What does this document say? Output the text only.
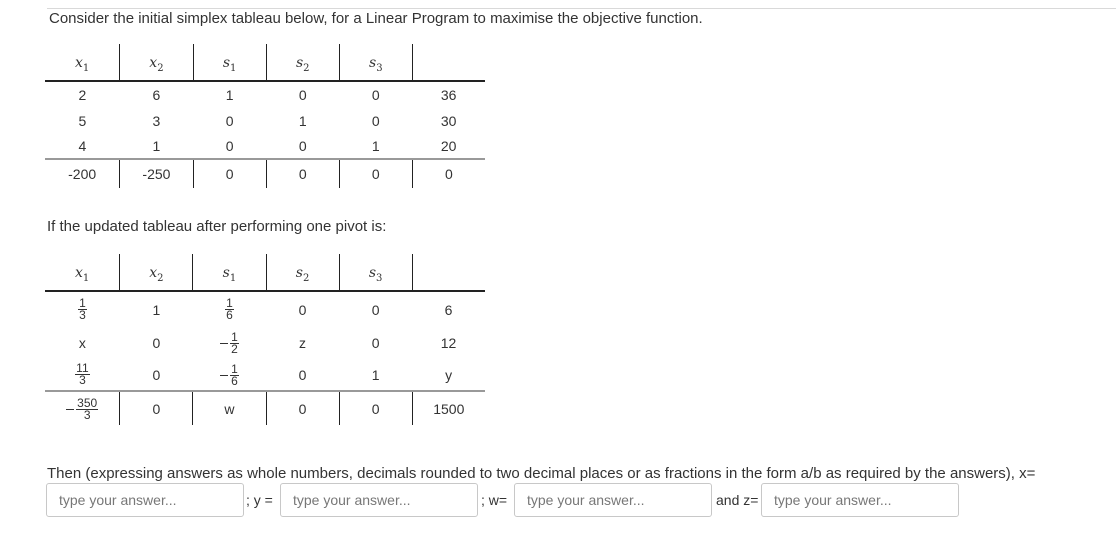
Consider the initial simplex tableau below, for a Linear Program to maximise the objective function.
$x_1$	$x_2$	$s_1$	$s_2$	$s_3$	
2	6	1	0	0	36
5	3	0	1	0	30
4	1	0	0	1	20
-200	-250	0	0	0	0
If the updated tableau after performing one pivot is:
$x_1$	$x_2$	$s_1$	$s_2$	$s_3$	

$\frac{1}{3}$	1	$\frac{1}{6}$	0	0	6
x	0	$\frac{1}{2}$	z	0	12

$\frac{11}{3}$	0	$\frac{1}{6}$	0	1	y

$\frac{350}{3}$	0	w	0	0	1500
Then (expressing answers as whole numbers, decimals rounded to two decimal places or as fractions in the form a/b as required by the answers), x=
type your answer...
; y =
type your answer...	; w=
type your answer...	and z=
type your answer...
